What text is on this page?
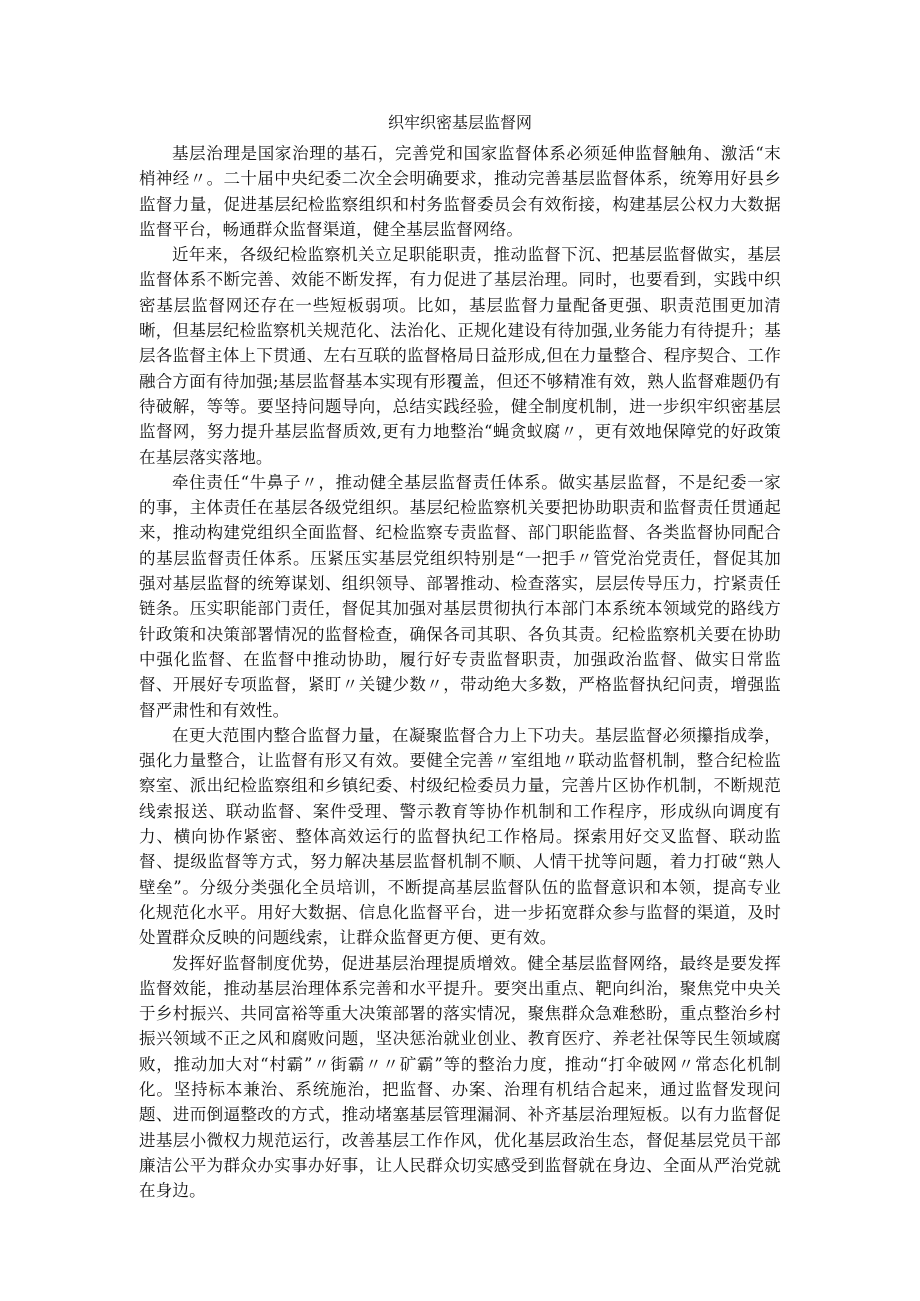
织牢织密基层监督网

基层治理是国家治理的基石，完善党和国家监督体系必须延伸监督触角、激活“末梢神经〃。二十届中央纪委二次全会明确要求，推动完善基层监督体系，统筹用好县乡监督力量，促进基层纪检监察组织和村务监督委员会有效衔接，构建基层公权力大数据监督平台，畅通群众监督渠道，健全基层监督网络。

近年来，各级纪检监察机关立足职能职责，推动监督下沉、把基层监督做实，基层监督体系不断完善、效能不断发挥，有力促进了基层治理。同时，也要看到，实践中织密基层监督网还存在一些短板弱项。比如，基层监督力量配备更强、职责范围更加清晰，但基层纪检监察机关规范化、法治化、正规化建设有待加强,业务能力有待提升；基层各监督主体上下贯通、左右互联的监督格局日益形成,但在力量整合、程序契合、工作融合方面有待加强;基层监督基本实现有形覆盖，但还不够精准有效，熟人监督难题仍有待破解，等等。要坚持问题导向，总结实践经验，健全制度机制，进一步织牢织密基层监督网，努力提升基层监督质效,更有力地整治“蝇贪蚁腐〃，更有效地保障党的好政策在基层落实落地。

牵住责任“牛鼻子〃，推动健全基层监督责任体系。做实基层监督，不是纪委一家的事，主体责任在基层各级党组织。基层纪检监察机关要把协助职责和监督责任贯通起来，推动构建党组织全面监督、纪检监察专责监督、部门职能监督、各类监督协同配合的基层监督责任体系。压紧压实基层党组织特别是“一把手〃管党治党责任，督促其加强对基层监督的统筹谋划、组织领导、部署推动、检查落实，层层传导压力，拧紧责任链条。压实职能部门责任，督促其加强对基层贯彻执行本部门本系统本领域党的路线方针政策和决策部署情况的监督检查，确保各司其职、各负其责。纪检监察机关要在协助中强化监督、在监督中推动协助，履行好专责监督职责，加强政治监督、做实日常监督、开展好专项监督，紧盯〃关键少数〃，带动绝大多数，严格监督执纪问责，增强监督严肃性和有效性。

在更大范围内整合监督力量，在凝聚监督合力上下功夫。基层监督必须攥指成拳，强化力量整合，让监督有形又有效。要健全完善〃室组地〃联动监督机制，整合纪检监察室、派出纪检监察组和乡镇纪委、村级纪检委员力量，完善片区协作机制，不断规范线索报送、联动监督、案件受理、警示教育等协作机制和工作程序，形成纵向调度有力、横向协作紧密、整体高效运行的监督执纪工作格局。探索用好交叉监督、联动监督、提级监督等方式，努力解决基层监督机制不顺、人情干扰等问题，着力打破“熟人壁垒”。分级分类强化全员培训，不断提高基层监督队伍的监督意识和本领，提高专业化规范化水平。用好大数据、信息化监督平台，进一步拓宽群众参与监督的渠道，及时处置群众反映的问题线索，让群众监督更方便、更有效。

发挥好监督制度优势，促进基层治理提质增效。健全基层监督网络，最终是要发挥监督效能，推动基层治理体系完善和水平提升。要突出重点、靶向纠治，聚焦党中央关于乡村振兴、共同富裕等重大决策部署的落实情况，聚焦群众急难愁盼，重点整治乡村振兴领域不正之风和腐败问题，坚决惩治就业创业、教育医疗、养老社保等民生领域腐败，推动加大对“村霸”〃街霸〃〃矿霸”等的整治力度，推动“打伞破网〃常态化机制化。坚持标本兼治、系统施治，把监督、办案、治理有机结合起来，通过监督发现问题、进而倒逼整改的方式，推动堵塞基层管理漏洞、补齐基层治理短板。以有力监督促进基层小微权力规范运行，改善基层工作作风，优化基层政治生态，督促基层党员干部廉洁公平为群众办实事办好事，让人民群众切实感受到监督就在身边、全面从严治党就在身边。
